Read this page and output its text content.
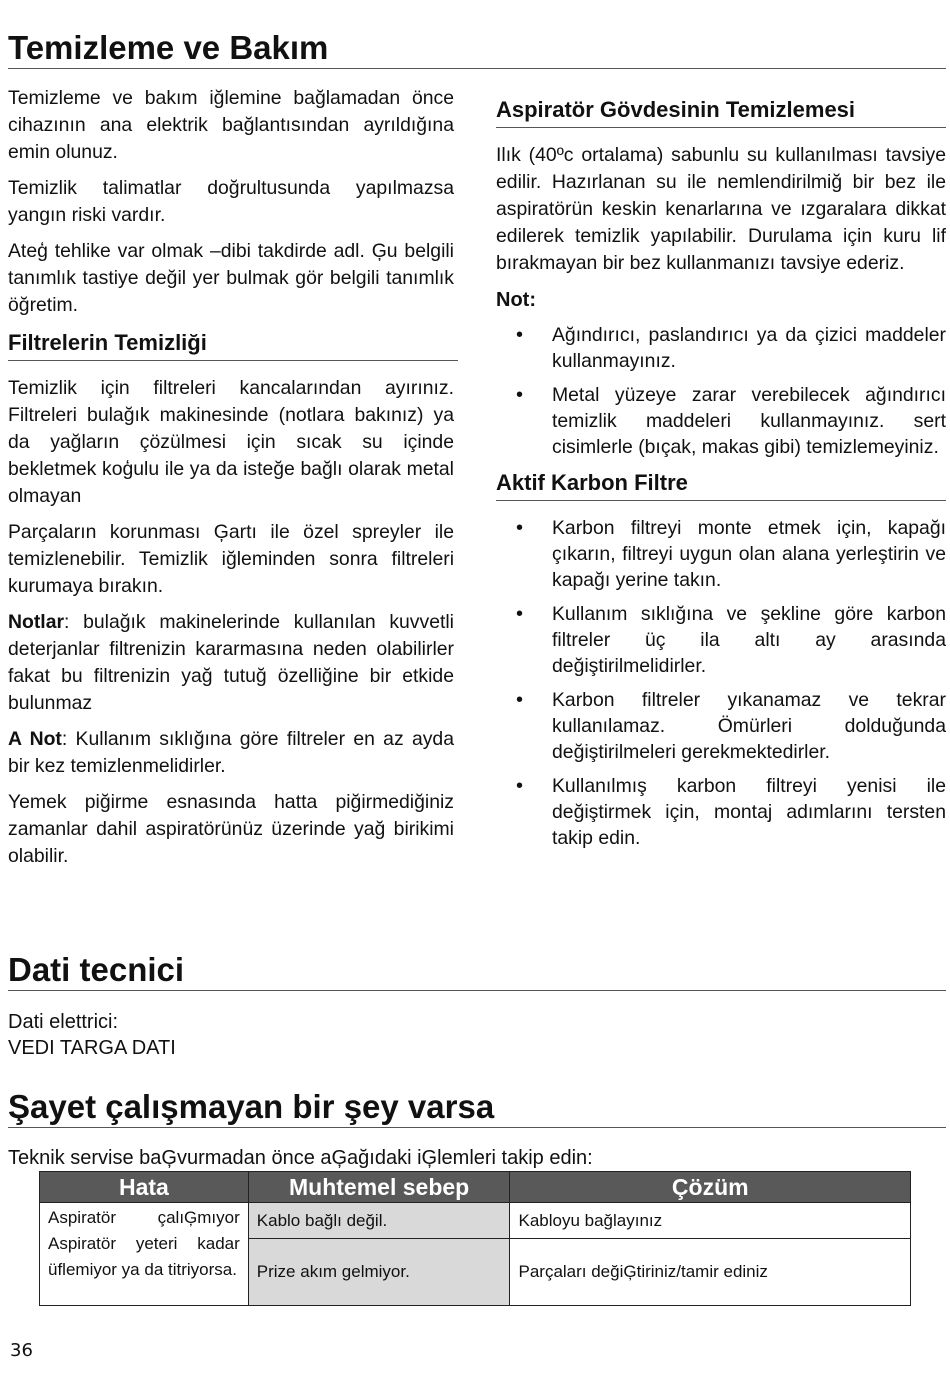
Temizleme ve Bakım

Temizleme ve bakım iğlemine bağlamadan önce cihazının ana elektrik bağlantısından ayrıldığına emin olunuz.

Temizlik talimatlar doğrultusunda yapılmazsa yangın riski vardır.

Ateģ tehlike var olmak –dibi takdirde adl. Ģu belgili tanımlık tastiye değil yer bulmak gör belgili tanımlık öğretim.

Filtrelerin Temizliği

Temizlik için filtreleri kancalarından ayırınız. Filtreleri bulağık makinesinde (notlara bakınız) ya da yağların çözülmesi için sıcak su içinde bekletmek koģulu ile ya da isteğe bağlı olarak metal olmayan

Parçaların korunması Ģartı ile özel spreyler ile temizlenebilir. Temizlik iğleminden sonra filtreleri kurumaya bırakın.

Notlar: bulağık makinelerinde kullanılan kuvvetli deterjanlar filtrenizin kararmasına neden olabilirler fakat bu filtrenizin yağ tutuğ özelliğine bir etkide bulunmaz

A Not: Kullanım sıklığına göre filtreler en az ayda bir kez temizlenmelidirler.

Yemek piğirme esnasında hatta piğirmediğiniz zamanlar dahil aspiratörünüz üzerinde yağ birikimi olabilir.

Aspiratör Gövdesinin Temizlemesi

Ilık (40ºc ortalama) sabunlu su kullanılması tavsiye edilir. Hazırlanan su ile nemlendirilmiğ bir bez ile aspiratörün keskin kenarlarına ve ızgaralara dikkat edilerek temizlik yapılabilir. Durulama için kuru lif bırakmayan bir bez kullanmanızı tavsiye ederiz.

Not:
• Ağındırıcı, paslandırıcı ya da çizici maddeler kullanmayınız.
• Metal yüzeye zarar verebilecek ağındırıcı temizlik maddeleri kullanmayınız. sert cisimlerle (bıçak, makas gibi) temizlemeyiniz.
Aktif Karbon Filtre
• Karbon filtreyi monte etmek için, kapağı çıkarın, filtreyi uygun olan alana yerleştirin ve kapağı yerine takın.
• Kullanım sıklığına ve şekline göre karbon filtreler üç ila altı ay arasında değiştirilmelidirler.
• Karbon filtreler yıkanamaz ve tekrar kullanılamaz. Ömürleri dolduğunda değiştirilmeleri gerekmektedirler.
• Kullanılmış karbon filtreyi yenisi ile değiştirmek için, montaj adımlarını tersten takip edin.
Dati tecnici
Dati elettrici:
VEDI TARGA DATI
Şayet çalışmayan bir şey varsa
Teknik servise baĢvurmadan önce aĢağıdaki iĢlemleri takip edin:
Hata	Muhtemel sebep	Çözüm

Aspiratör çalıĢmıyor Aspiratör yeteri kadar üflemiyor ya da titriyorsa.	Kablo bağlı değil.	Kabloyu bağlayınız
	Prize akım gelmiyor.	Parçaları değiĢtiriniz/tamir ediniz
36
